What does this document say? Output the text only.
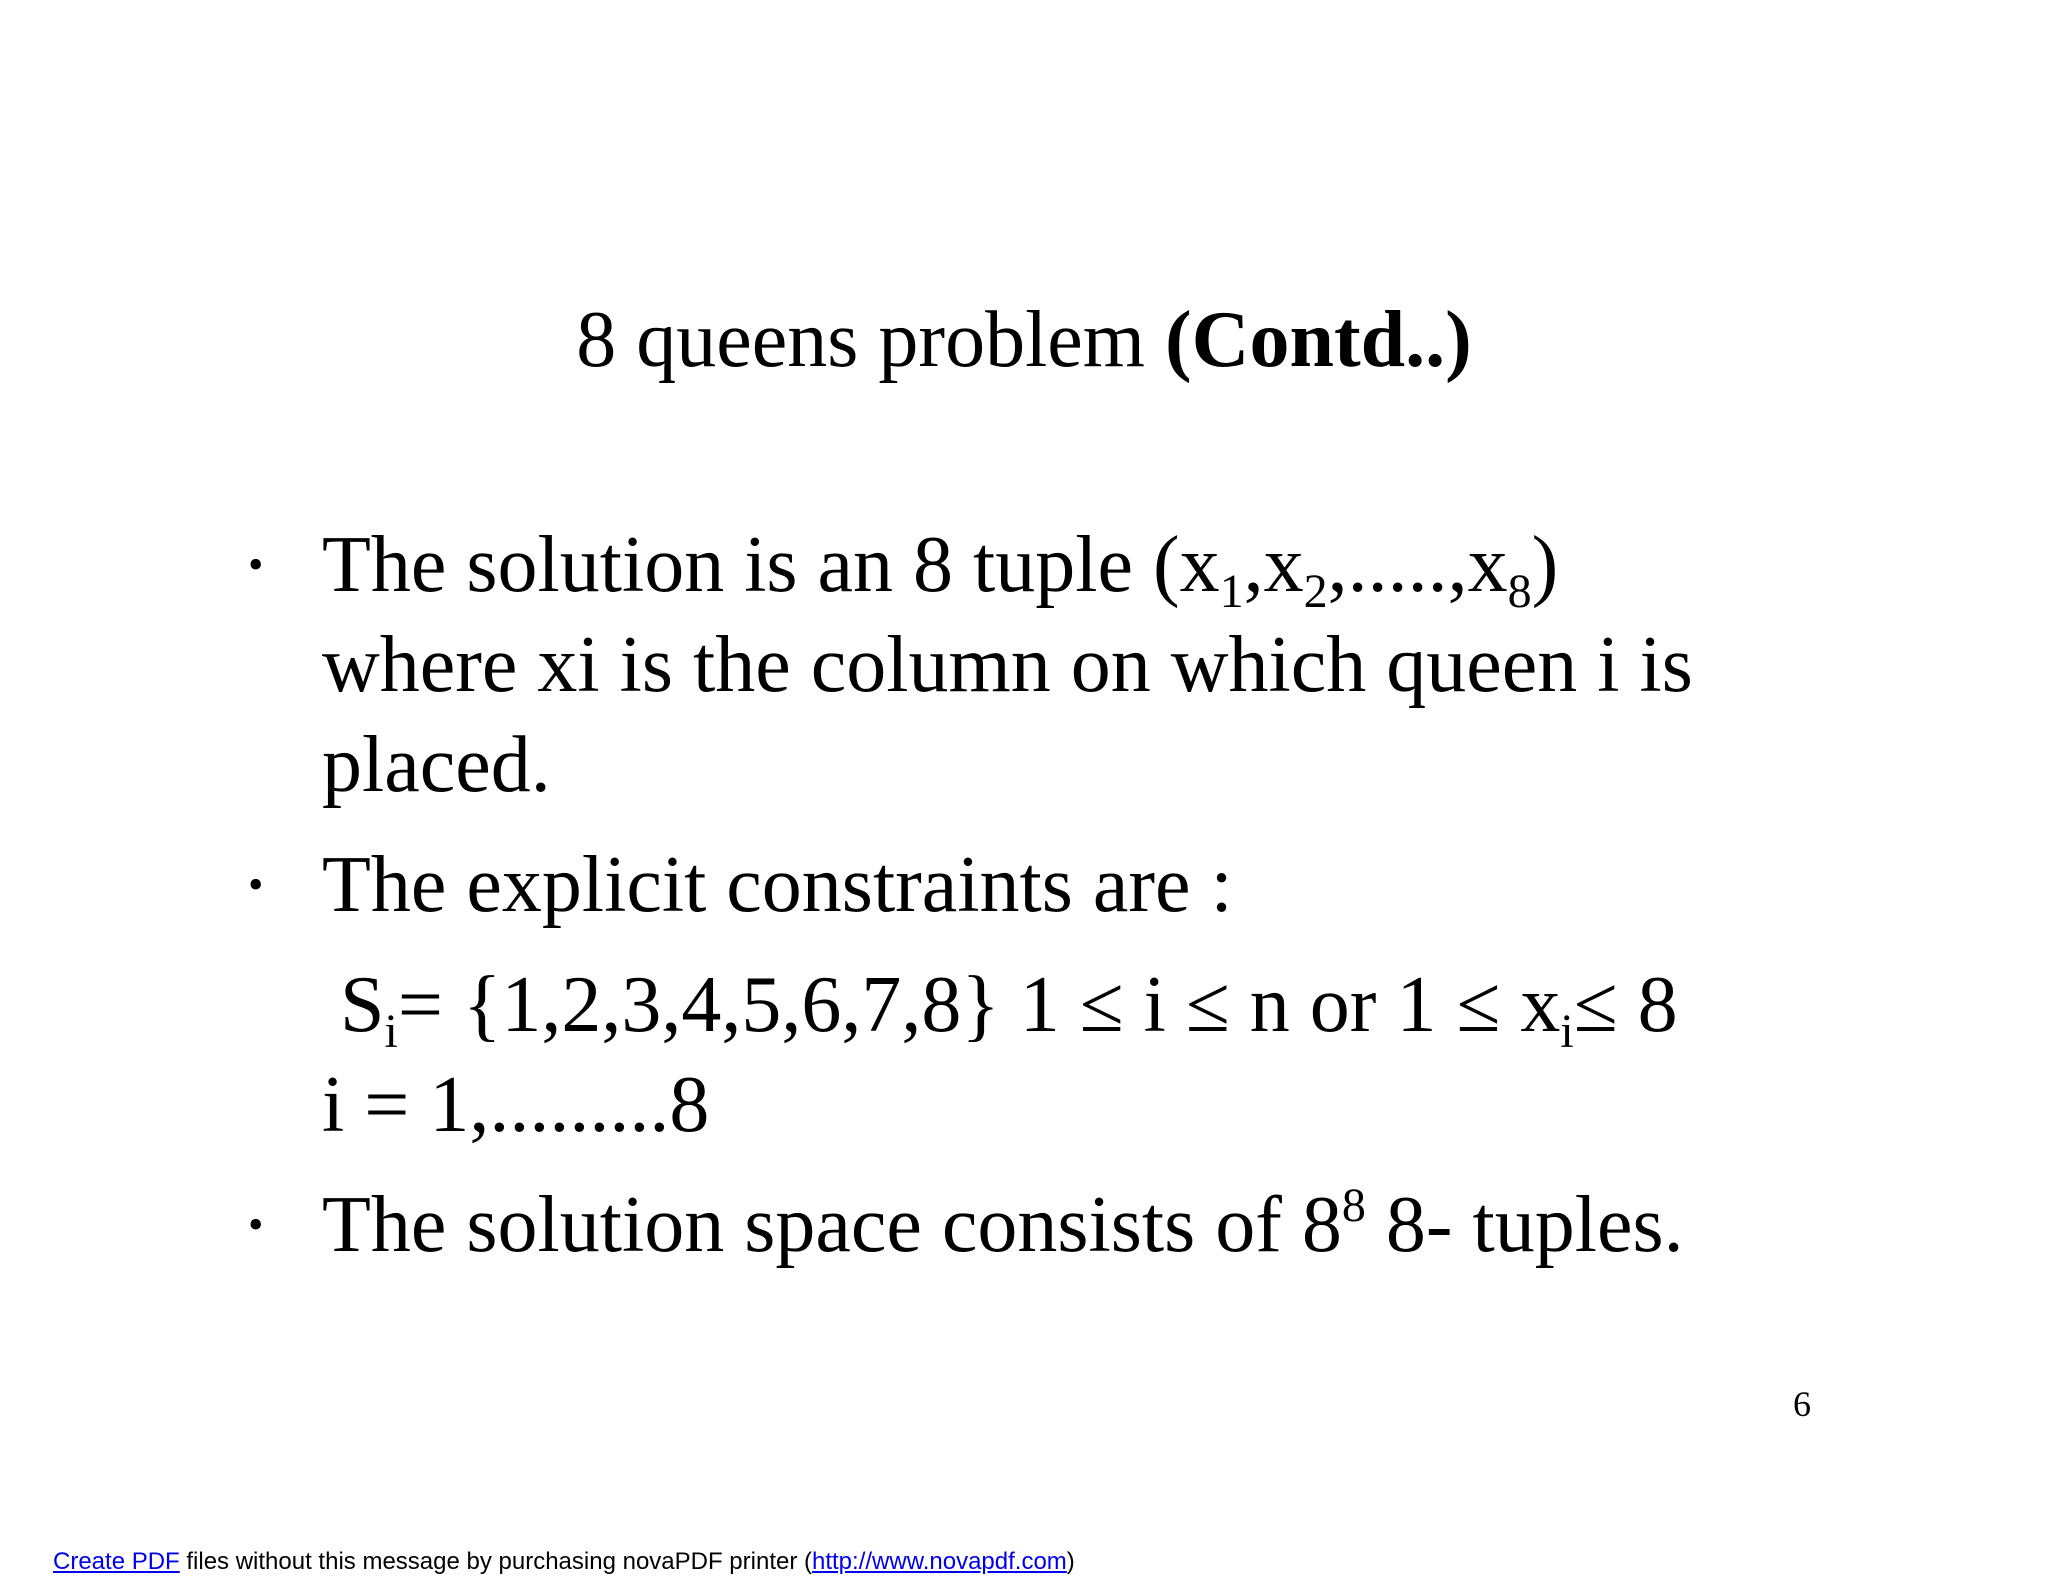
8 queens problem (Contd..)
• The solution is an 8 tuple $(x_1,x_2,.....,x_8)$
where xi is the column on which queen i is
placed.
• The explicit constraints are :
$S_i= \{1,2,3,4,5,6,7,8\} 1 \le i \le n$ or $1 \le x_i\le 8$
i = 1,.........8
• The solution space consists of $8^8$ 8- tuples.
6
Create PDF files without this message by purchasing novaPDF printer (http://www.novapdf.com)
